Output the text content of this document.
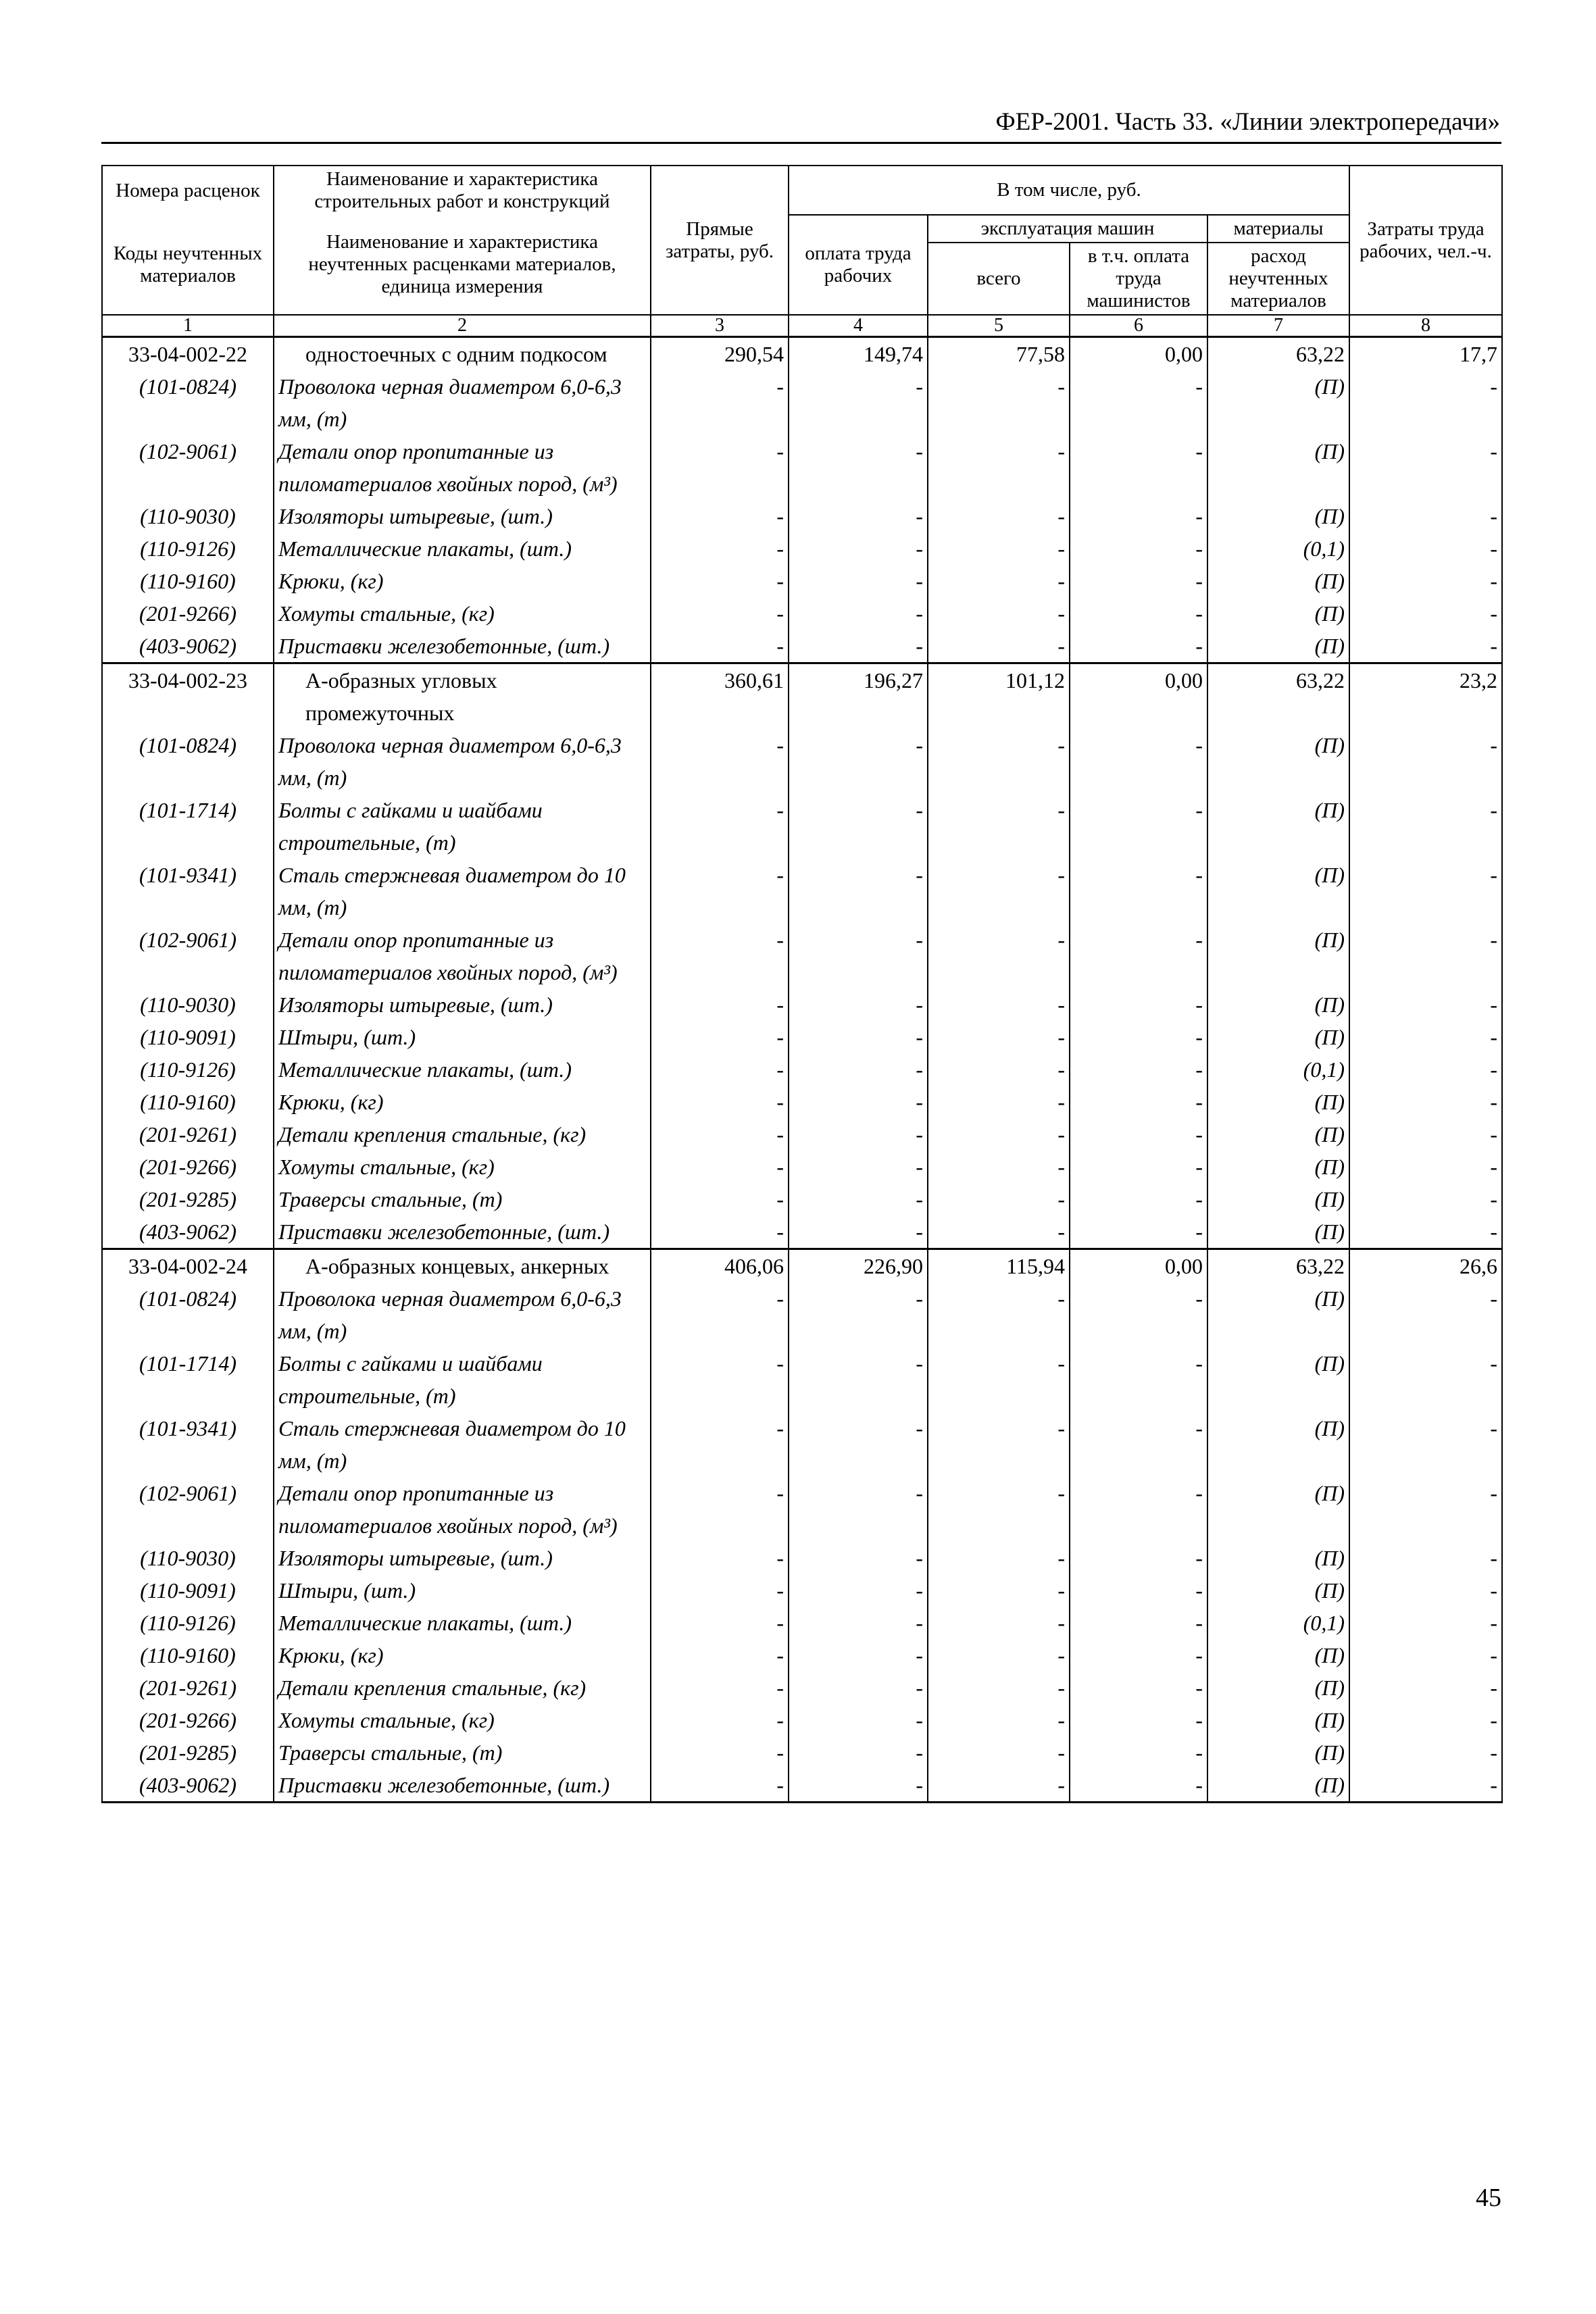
ФЕР-2001. Часть 33. «Линии электропередачи»
Номера расценок	Наименование и характеристика строительных работ и конструкций	Прямые затраты, руб.	В том числе, руб.				Затраты труда рабочих, чел.-ч.
Коды неучтенных материалов	Наименование и характеристика неучтенных расценками материалов, единица измерения		оплата труда рабочих	эксплуатация машин		материалы	
				всего	в т.ч. оплата труда машинистов	расход неучтенных материалов	

1	2	3	4	5	6	7	8
33-04-002-22	одностоечных с одним подкосом	290,54	149,74	77,58	0,00	63,22	17,7
(101-0824)	Проволока черная диаметром 6,0-6,3 мм, (т)	-	-	-	-	(П)	-
(102-9061)	Детали опор пропитанные из пиломатериалов хвойных пород, (м³)	-	-	-	-	(П)	-
(110-9030)	Изоляторы штыревые, (шт.)	-	-	-	-	(П)	-
(110-9126)	Металлические плакаты, (шт.)	-	-	-	-	(0,1)	-
(110-9160)	Крюки, (кг)	-	-	-	-	(П)	-
(201-9266)	Хомуты стальные, (кг)	-	-	-	-	(П)	-
(403-9062)	Приставки железобетонные, (шт.)	-	-	-	-	(П)	-
33-04-002-23	А-образных угловых промежуточных	360,61	196,27	101,12	0,00	63,22	23,2
(101-0824)	Проволока черная диаметром 6,0-6,3 мм, (т)	-	-	-	-	(П)	-
(101-1714)	Болты с гайками и шайбами строительные, (т)	-	-	-	-	(П)	-
(101-9341)	Сталь стержневая диаметром до 10 мм, (т)	-	-	-	-	(П)	-
(102-9061)	Детали опор пропитанные из пиломатериалов хвойных пород, (м³)	-	-	-	-	(П)	-
(110-9030)	Изоляторы штыревые, (шт.)	-	-	-	-	(П)	-
(110-9091)	Штыри, (шт.)	-	-	-	-	(П)	-
(110-9126)	Металлические плакаты, (шт.)	-	-	-	-	(0,1)	-
(110-9160)	Крюки, (кг)	-	-	-	-	(П)	-
(201-9261)	Детали крепления стальные, (кг)	-	-	-	-	(П)	-
(201-9266)	Хомуты стальные, (кг)	-	-	-	-	(П)	-
(201-9285)	Траверсы стальные, (т)	-	-	-	-	(П)	-
(403-9062)	Приставки железобетонные, (шт.)	-	-	-	-	(П)	-
33-04-002-24	А-образных концевых, анкерных	406,06	226,90	115,94	0,00	63,22	26,6
(101-0824)	Проволока черная диаметром 6,0-6,3 мм, (т)	-	-	-	-	(П)	-
(101-1714)	Болты с гайками и шайбами строительные, (т)	-	-	-	-	(П)	-
(101-9341)	Сталь стержневая диаметром до 10 мм, (т)	-	-	-	-	(П)	-
(102-9061)	Детали опор пропитанные из пиломатериалов хвойных пород, (м³)	-	-	-	-	(П)	-
(110-9030)	Изоляторы штыревые, (шт.)	-	-	-	-	(П)	-
(110-9091)	Штыри, (шт.)	-	-	-	-	(П)	-
(110-9126)	Металлические плакаты, (шт.)	-	-	-	-	(0,1)	-
(110-9160)	Крюки, (кг)	-	-	-	-	(П)	-
(201-9261)	Детали крепления стальные, (кг)	-	-	-	-	(П)	-
(201-9266)	Хомуты стальные, (кг)	-	-	-	-	(П)	-
(201-9285)	Траверсы стальные, (т)	-	-	-	-	(П)	-
(403-9062)	Приставки железобетонные, (шт.)	-	-	-	-	(П)	-
45
